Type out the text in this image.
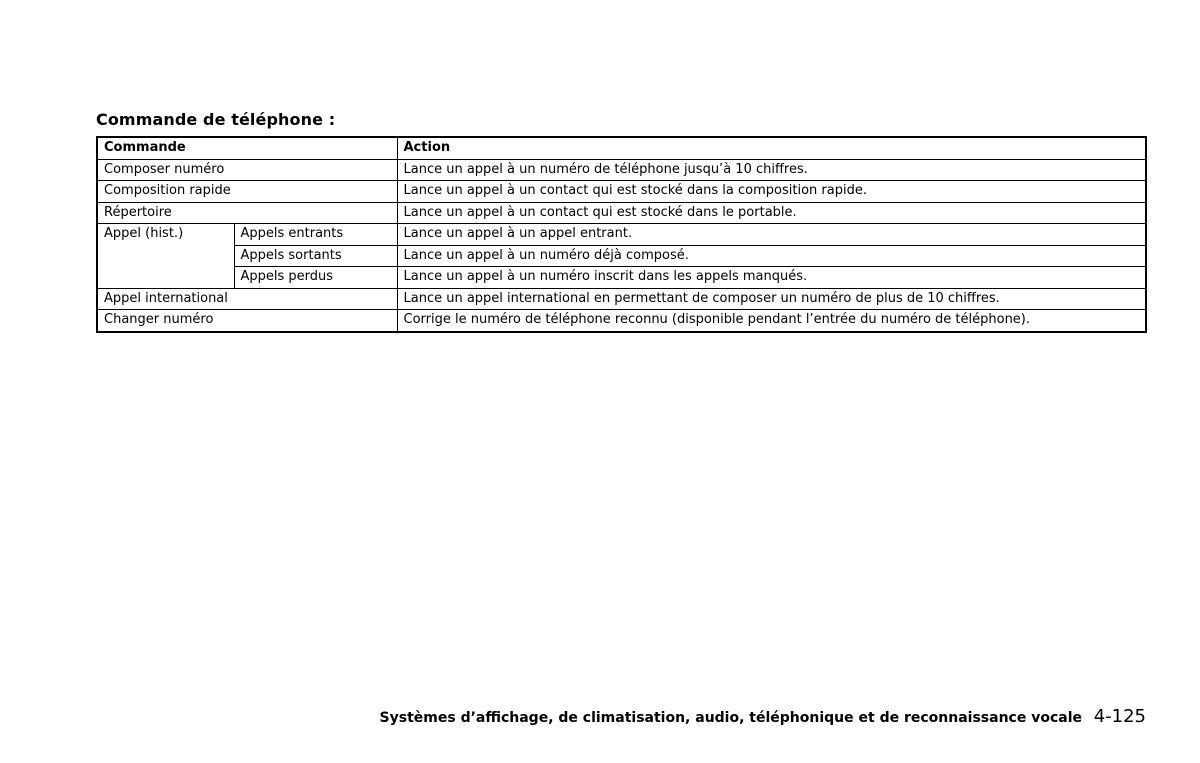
Commande de téléphone :
Commande		Action
Composer numéro		Lance un appel à un numéro de téléphone jusqu’à 10 chiffres.
Composition rapide		Lance un appel à un contact qui est stocké dans la composition rapide.
Répertoire		Lance un appel à un contact qui est stocké dans le portable.
Appel (hist.)	Appels entrants	Lance un appel à un appel entrant.
	Appels sortants	Lance un appel à un numéro déjà composé.
	Appels perdus	Lance un appel à un numéro inscrit dans les appels manqués.
Appel international		Lance un appel international en permettant de composer un numéro de plus de 10 chiffres.
Changer numéro		Corrige le numéro de téléphone reconnu (disponible pendant l’entrée du numéro de téléphone).
Systèmes d’affichage, de climatisation, audio, téléphonique et de reconnaissance vocale 4-125
